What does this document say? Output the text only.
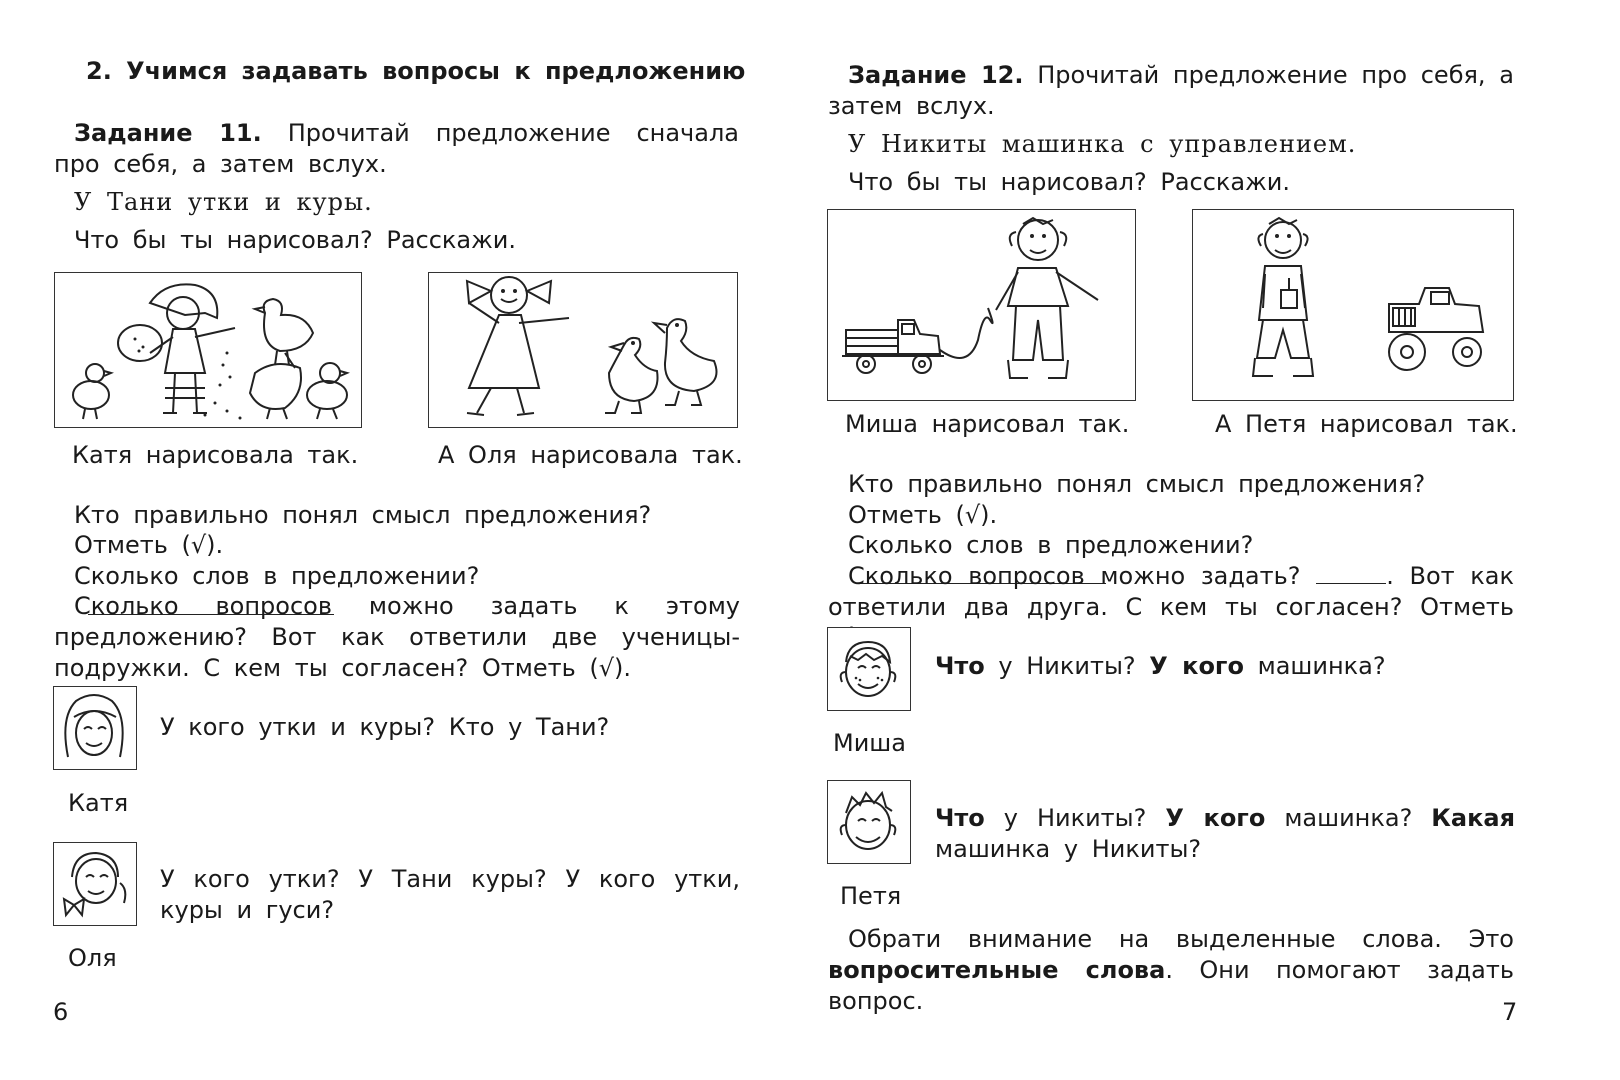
2. Учимся задавать вопросы к предложению
Задание 11. Прочитай предложение сначала про себя, а затем вслух.
У Тани утки и куры.
Что бы ты нарисовал? Расскажи.
Катя нарисовала так.	А Оля нарисовала так.
Кто правильно понял смысл предложения?
Отметь (√).
Сколько слов в предложении?
Сколько вопросов можно задать к этому предложению? Вот как ответили две ученицы-подружки. С кем ты согласен? Отметь (√).
У кого утки и куры? Кто у Тани?
Катя
У кого утки? У Тани куры? У кого утки, куры и гуси?
Оля
6
Задание 12. Прочитай предложение про себя, а затем вслух.
У Никиты машинка с управлением.
Что бы ты нарисовал? Расскажи.
Миша нарисовал так.	А Петя нарисовал так.
Кто правильно понял смысл предложения?
Отметь (√).
Сколько слов в предложении?
Сколько вопросов можно задать?	. Вот как ответили два друга. С кем ты согласен? Отметь
Что у Никиты? У кого машинка?
Миша
Что у Никиты? У кого машинка? Какая машинка у Никиты?
Петя
Обрати внимание на выделенные слова. Это вопросительные слова. Они помогают задать вопрос.	7
